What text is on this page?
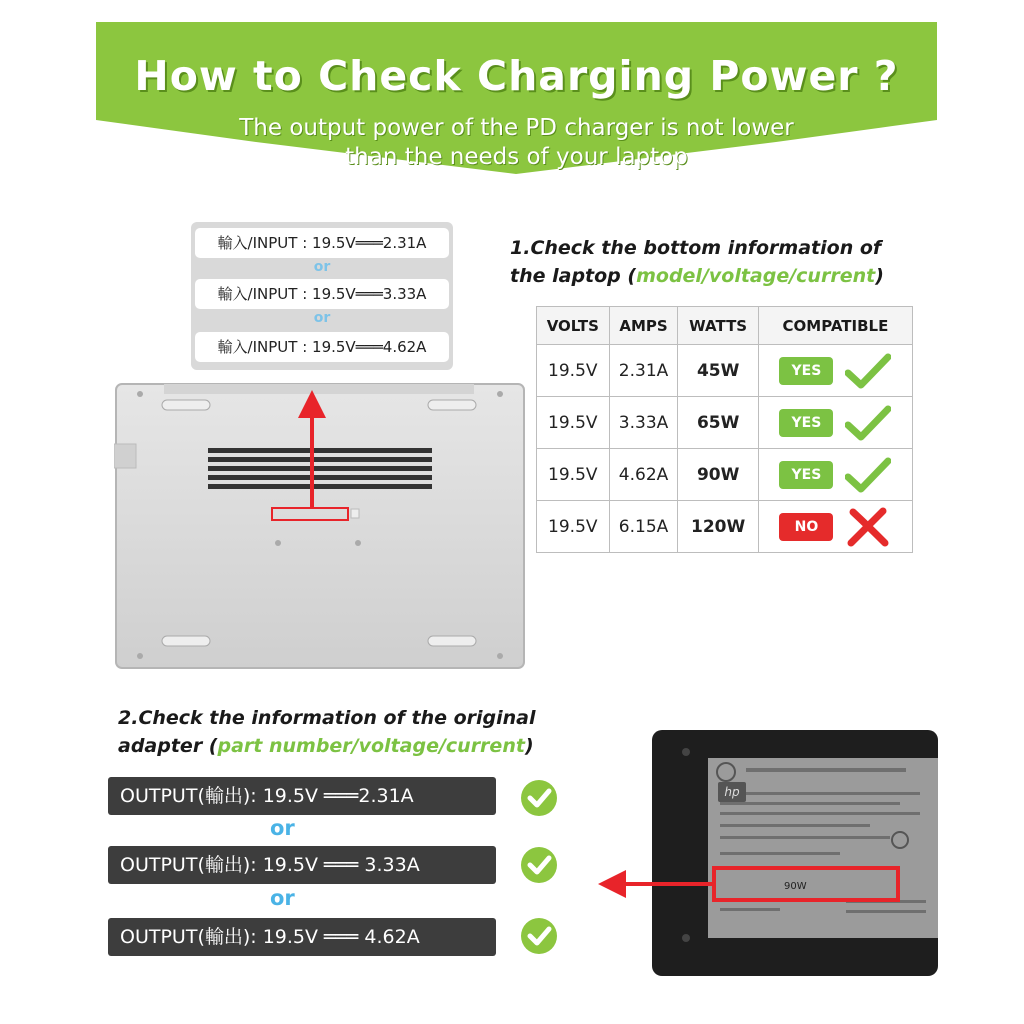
How to Check Charging Power ?
The output power of the PD charger is not lower
than the needs of your laptop
輸入/INPUT : 19.5V═══2.31A
or
輸入/INPUT : 19.5V═══3.33A
or
輸入/INPUT : 19.5V═══4.62A
1.Check the bottom information of
the laptop (model/voltage/current)
VOLTS	AMPS	WATTS	COMPATIBLE
19.5V	2.31A	45W	YES

19.5V	3.33A	65W	YES

19.5V	4.62A	90W	YES

19.5V	6.15A	120W	NO
2.Check the information of the original
adapter (part number/voltage/current)
OUTPUT(輸出): 19.5V ═══2.31A
or
OUTPUT(輸出): 19.5V ═══ 3.33A
or
OUTPUT(輸出): 19.5V ═══ 4.62A
hp
90W
